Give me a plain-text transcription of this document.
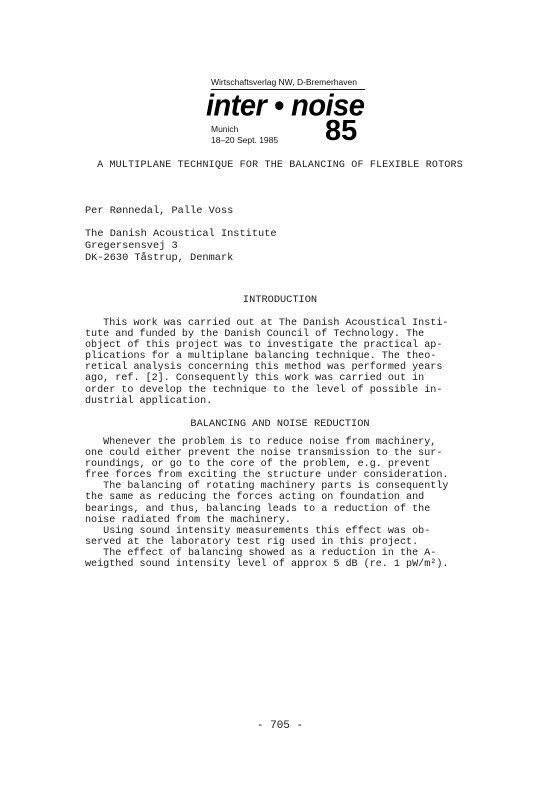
Wirtschaftsverlag NW, D-Bremerhaven
inter • noise
Munich
18–20 Sept. 1985 85
A MULTIPLANE TECHNIQUE FOR THE BALANCING OF FLEXIBLE ROTORS
Per Rønnedal, Palle Voss
The Danish Acoustical Institute
Gregersensvej 3
DK-2630 Tåstrup, Denmark
INTRODUCTION
This work was carried out at The Danish Acoustical Insti-
tute and funded by the Danish Council of Technology. The
object of this project was to investigate the practical ap-
plications for a multiplane balancing technique. The theo-
retical analysis concerning this method was performed years
ago, ref. [2]. Consequently this work was carried out in
order to develop the technique to the level of possible in-
dustrial application.
BALANCING AND NOISE REDUCTION
Whenever the problem is to reduce noise from machinery,
one could either prevent the noise transmission to the sur-
roundings, or go to the core of the problem, e.g. prevent
free forces from exciting the structure under consideration.
The balancing of rotating machinery parts is consequently
the same as reducing the forces acting on foundation and
bearings, and thus, balancing leads to a reduction of the
noise radiated from the machinery.
Using sound intensity measurements this effect was ob-
served at the laboratory test rig used in this project.
The effect of balancing showed as a reduction in the A-
weigthed sound intensity level of approx 5 dB (re. 1 pW/m²).
- 705 -
